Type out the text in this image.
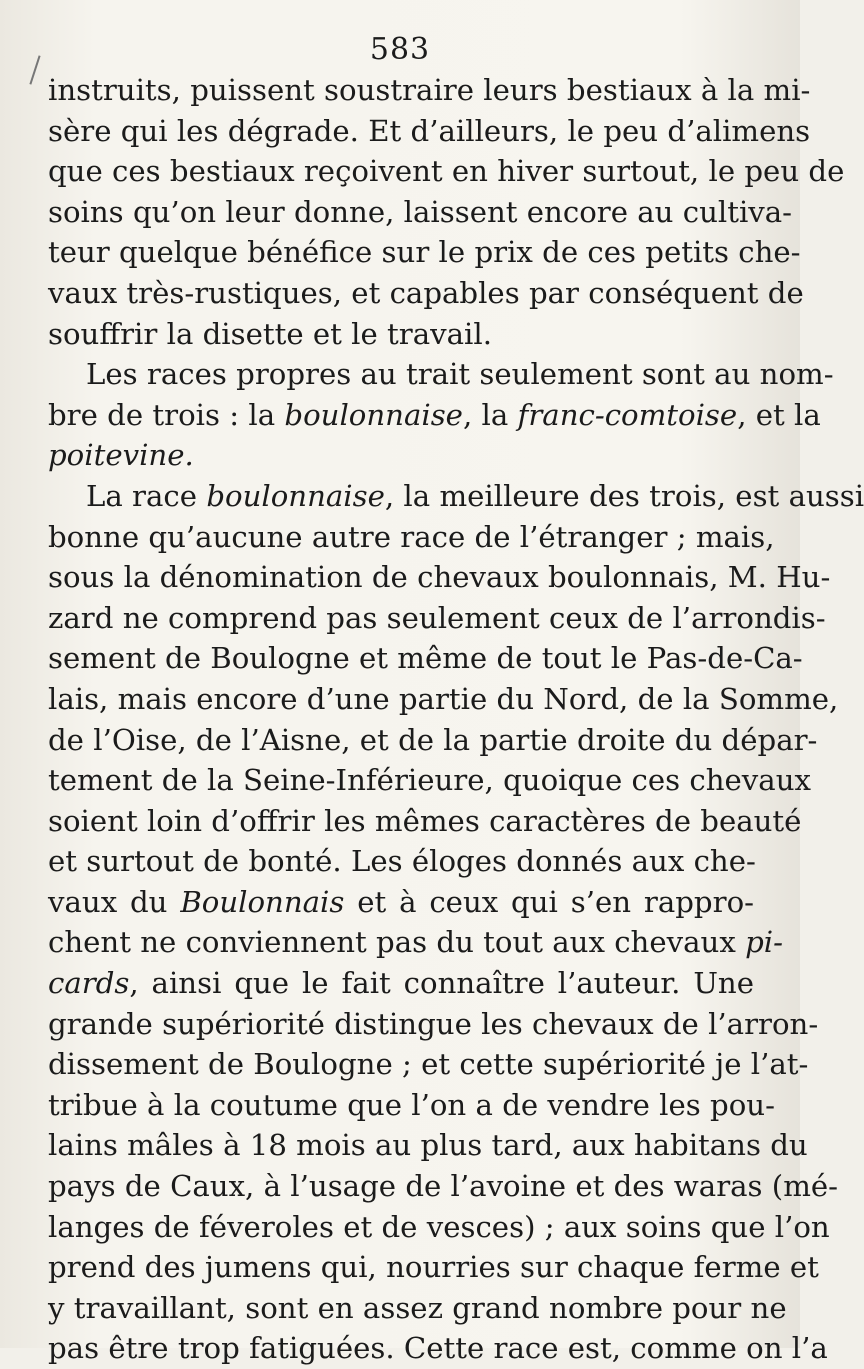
583
instruits, puissent soustraire leurs bestiaux à la mi-
sère qui les dégrade. Et d’ailleurs, le peu d’alimens
que ces bestiaux reçoivent en hiver surtout, le peu de
soins qu’on leur donne, laissent encore au cultiva-
teur quelque bénéfice sur le prix de ces petits che-
vaux très-rustiques, et capables par conséquent de
souffrir la disette et le travail.
Les races propres au trait seulement sont au nom-
bre de trois : la boulonnaise, la franc-comtoise, et la
poitevine.
La race boulonnaise, la meilleure des trois, est aussi
bonne qu’aucune autre race de l’étranger ; mais,
sous la dénomination de chevaux boulonnais, M. Hu-
zard ne comprend pas seulement ceux de l’arrondis-
sement de Boulogne et même de tout le Pas-de-Ca-
lais, mais encore d’une partie du Nord, de la Somme,
de l’Oise, de l’Aisne, et de la partie droite du dépar-
tement de la Seine-Inférieure, quoique ces chevaux
soient loin d’offrir les mêmes caractères de beauté
et surtout de bonté. Les éloges donnés aux che-
vaux du Boulonnais et à ceux qui s’en rappro-
chent ne conviennent pas du tout aux chevaux pi-
cards, ainsi que le fait connaître l’auteur. Une
grande supériorité distingue les chevaux de l’arron-
dissement de Boulogne ; et cette supériorité je l’at-
tribue à la coutume que l’on a de vendre les pou-
lains mâles à 18 mois au plus tard, aux habitans du
pays de Caux, à l’usage de l’avoine et des waras (mé-
langes de féveroles et de vesces) ; aux soins que l’on
prend des jumens qui, nourries sur chaque ferme et
y travaillant, sont en assez grand nombre pour ne
pas être trop fatiguées. Cette race est, comme on l’a
